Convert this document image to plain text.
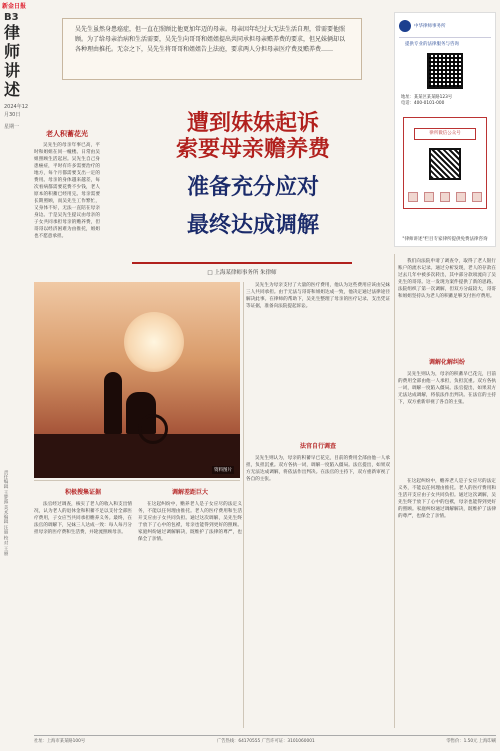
新金日报
B3
律师
讲述
2024年12月30日
星期一
责任编辑 王梦露 美术编辑 汪丽 校对 王丽
吴先生虽然身患癌症，但一直在照顾比他更加年迈的母亲。母亲因年纪过大无法生活自理，常需要他照顾。为了给母亲治病和生活需要，吴先生向哥哥和姐姐提出共同承担母亲赡养费的要求，但兄妹俩却以各种理由推托。无奈之下，吴先生将哥哥和姐姐告上法庭，要求两人分担母亲医疗费及赡养费……
中华律师事务所
提供专业的法律服务与咨询
地址：某某区某某路123号
电话：400-0101-000
律所微信公众号
"律师讲述"栏目专家律所提供免费法律咨询
老人积蓄花光

吴先生的母亲年事已高，平时和姐姐在同一幢楼。日常由吴姐照顾生活起居。吴先生自己身患癌症，平时有许多需要治疗的地方，每个月都需要支出一定的费用。母亲的身体越来越差，每次看病都需要花费不少钱，老人原本的积蓄已经用完。母亲需要长期照顾，而吴先生工作繁忙，又身体不好，无法一直陪在母亲身边。于是吴先生提议由母亲的子女共同承担母亲的赡养费，但哥哥以经济困难为由推托，姐姐也不愿意承担。

遭到妹妹起诉
索要母亲赡养费
准备充分应对
最终达成调解
□ 上海某律师事务所 朱律师
资料图片

吴先生为母亲支付了大量的医疗费用，他认为这些费用应该由兄妹三人共同承担。由于无法与哥哥和姐姐达成一致，他决定通过法律途径解决此事。在律师的帮助下，吴先生整理了母亲的医疗记录、支出凭证等证据，准备向法院提起诉讼。

我们向法院申请了调查令，取得了老人银行账户的流水记录。通过分析发现，老人的存款在过去几年中被多次转出，其中部分款项流向了吴先生的哥哥。这一发现为案件提供了新的思路。法院组织了第一次调解，但双方分歧较大，哥哥和姐姐坚持认为老人的积蓄足够支付医疗费用。

调解化解纠纷

吴先生则认为，母亲的积蓄早已花完，目前的费用全部由他一人承担，负担沉重。双方各执一词，调解一度陷入僵局。法官提出，如果双方无法达成调解，将依法作出判决。在法官的主持下，双方重新审视了各自的主张。

积极搜集证据

法官经过调查，核实了老人的收入和支出情况，认为老人的退休金和积蓄不足以支付全部医疗费用，子女应当共同承担赡养义务。最终，在法官的调解下，兄妹三人达成一致：每人每月分担母亲的医疗费和生活费，并轮流照顾母亲。

调解差距巨大

在这起纠纷中，赡养老人是子女应尽的法定义务，不能以任何理由推托。老人的医疗费用和生活开支应由子女共同负担。通过这次调解，吴先生终于放下了心中的包袱，母亲也能得到更好的照顾。家庭纠纷通过调解解决，既维护了法律的尊严，也保全了亲情。

法官自行调查

吴先生则认为，母亲的积蓄早已花完，目前的费用全部由他一人承担，负担沉重。双方各执一词，调解一度陷入僵局。法官提出，如果双方无法达成调解，将依法作出判决。在法官的主持下，双方重新审视了各自的主张。	在这起纠纷中，赡养老人是子女应尽的法定义务，不能以任何理由推托。老人的医疗费用和生活开支应由子女共同负担。通过这次调解，吴先生终于放下了心中的包袱，母亲也能得到更好的照顾。家庭纠纷通过调解解决，既维护了法律的尊严，也保全了亲情。

社址：上海市某某路100号	广告热线：64170555 广告许可证：3101060001	零售价：1.50元 上海印刷
